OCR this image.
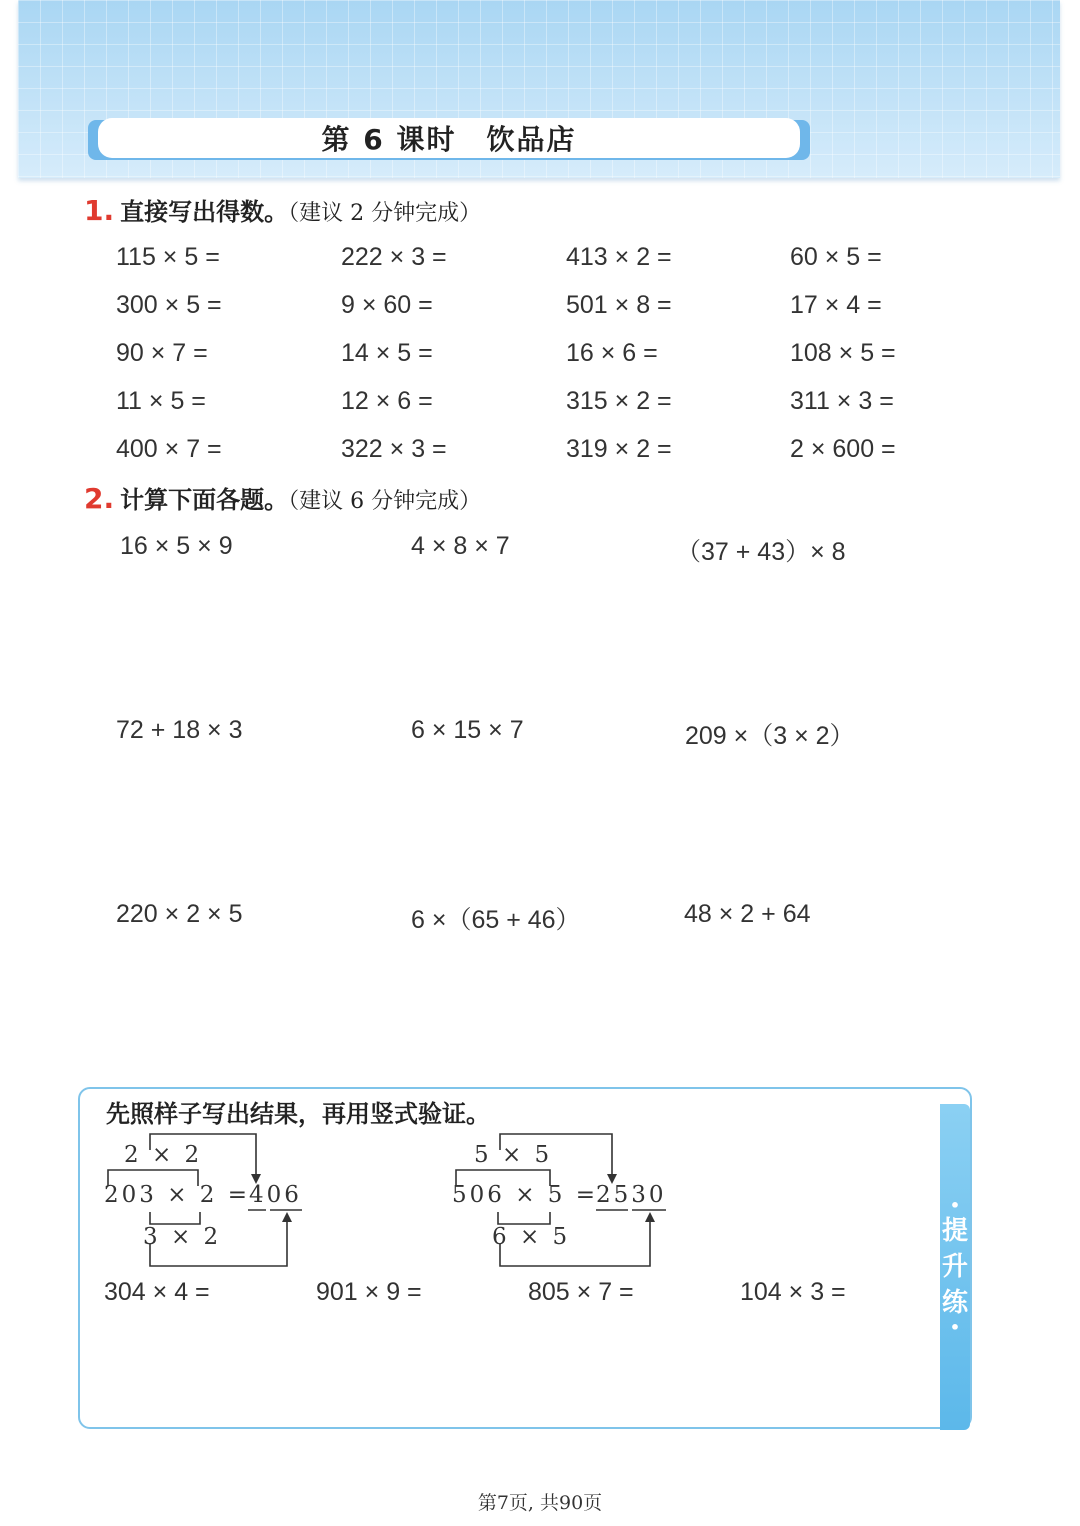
第 6 课时 饮品店
1. 直接写出得数。（建议 2 分钟完成）
115 × 5 =	222 × 3 =	413 × 2 =	60 × 5 =
300 × 5 =	9 × 60 =	501 × 8 =	17 × 4 =
90 × 7 =	14 × 5 =	16 × 6 =	108 × 5 =
11 × 5 =	12 × 6 =	315 × 2 =	311 × 3 =
400 × 7 =	322 × 3 =	319 × 2 =	2 × 600 =
2. 计算下面各题。（建议 6 分钟完成）
16 × 5 × 9	4 × 8 × 7	（37 + 43）× 8
72 + 18 × 3	6 × 15 × 7	209 ×（3 × 2）
220 × 2 × 5	6 ×（65 + 46）	48 × 2 + 64
•
提
升
练
•
先照样子写出结果，再用竖式验证。
2 × 2
203 × 2 =
406
3 × 2
5 × 5
506 × 5 =
2530
6 × 5
304 × 4 =	901 × 9 =	805 × 7 =	104 × 3 =
第7页, 共90页
